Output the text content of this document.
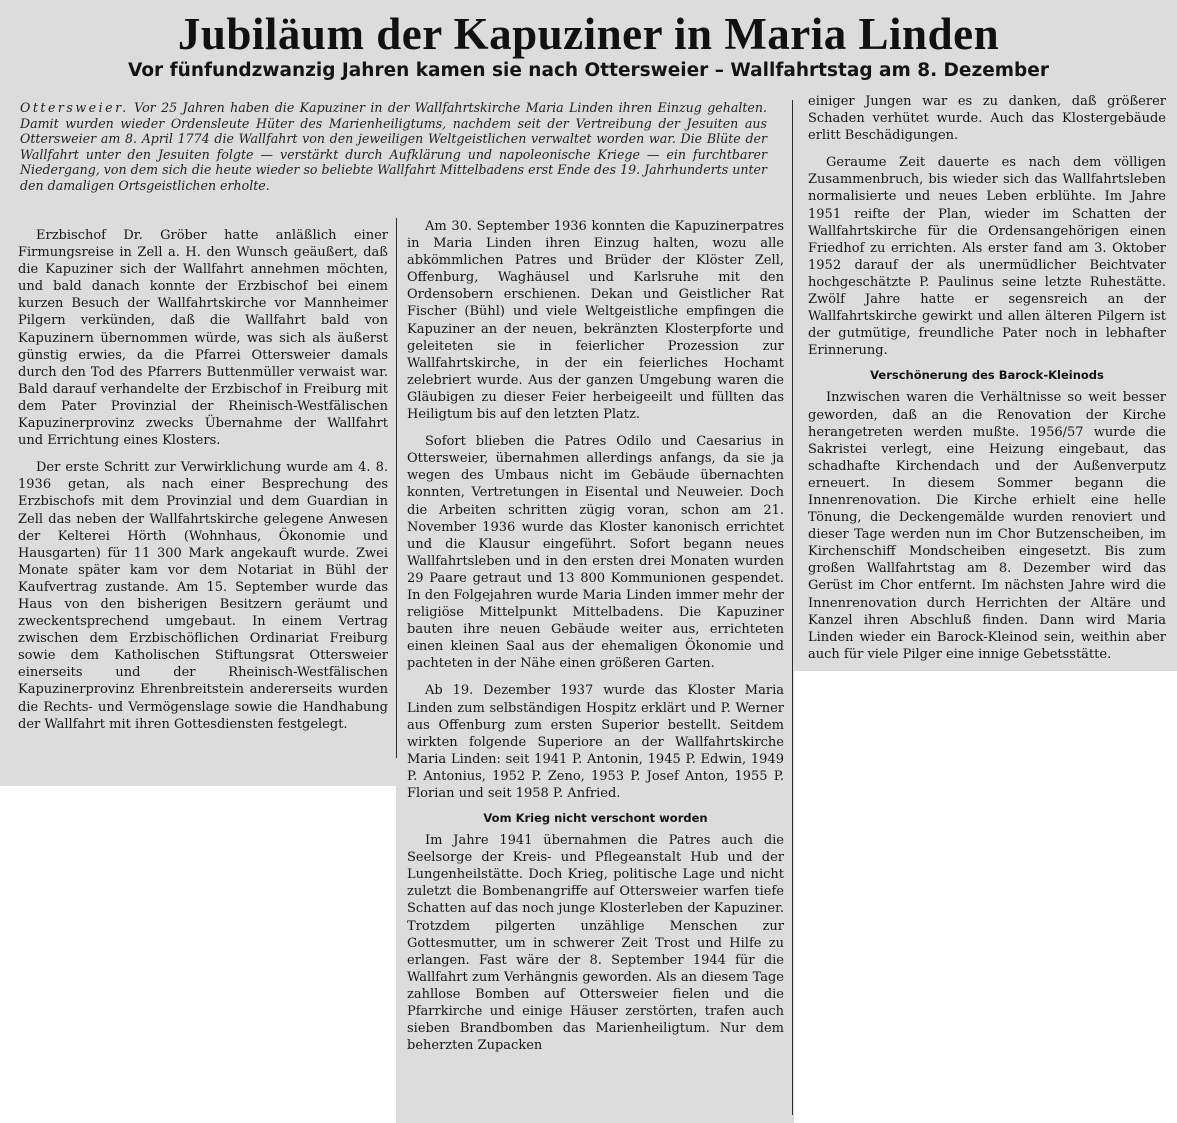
Jubiläum der Kapuziner in Maria Linden
Vor fünfundzwanzig Jahren kamen sie nach Ottersweier – Wallfahrtstag am 8. Dezember
Ottersweier. Vor 25 Jahren haben die Kapuziner in der Wallfahrtskirche Maria Linden ihren Einzug gehalten. Damit wurden wieder Ordensleute Hüter des Marienheiligtums, nachdem seit der Vertreibung der Jesuiten aus Ottersweier am 8. April 1774 die Wallfahrt von den jeweiligen Weltgeistlichen verwaltet worden war. Die Blüte der Wallfahrt unter den Jesuiten folgte — verstärkt durch Aufklärung und napoleonische Kriege — ein furchtbarer Niedergang, von dem sich die heute wieder so beliebte Wallfahrt Mittelbadens erst Ende des 19. Jahrhunderts unter den damaligen Ortsgeistlichen erholte.

Erzbischof Dr. Gröber hatte anläßlich einer Firmungsreise in Zell a. H. den Wunsch geäußert, daß die Kapuziner sich der Wallfahrt annehmen möchten, und bald danach konnte der Erzbischof bei einem kurzen Besuch der Wallfahrtskirche vor Mannheimer Pilgern verkünden, daß die Wallfahrt bald von Kapuzinern übernommen würde, was sich als äußerst günstig erwies, da die Pfarrei Ottersweier damals durch den Tod des Pfarrers Buttenmüller verwaist war. Bald darauf verhandelte der Erzbischof in Freiburg mit dem Pater Provinzial der Rheinisch-Westfälischen Kapuzinerprovinz zwecks Übernahme der Wallfahrt und Errichtung eines Klosters.

Der erste Schritt zur Verwirklichung wurde am 4. 8. 1936 getan, als nach einer Besprechung des Erzbischofs mit dem Provinzial und dem Guardian in Zell das neben der Wallfahrtskirche gelegene Anwesen der Kelterei Hörth (Wohnhaus, Ökonomie und Hausgarten) für 11 300 Mark angekauft wurde. Zwei Monate später kam vor dem Notariat in Bühl der Kaufvertrag zustande. Am 15. September wurde das Haus von den bisherigen Besitzern geräumt und zweckentsprechend umgebaut. In einem Vertrag zwischen dem Erzbischöflichen Ordinariat Freiburg sowie dem Katholischen Stiftungsrat Ottersweier einerseits und der Rheinisch-Westfälischen Kapuzinerprovinz Ehrenbreitstein andererseits wurden die Rechts- und Vermögenslage sowie die Handhabung der Wallfahrt mit ihren Gottesdiensten festgelegt.

Am 30. September 1936 konnten die Kapuzinerpatres in Maria Linden ihren Einzug halten, wozu alle abkömmlichen Patres und Brüder der Klöster Zell, Offenburg, Waghäusel und Karlsruhe mit den Ordensobern erschienen. Dekan und Geistlicher Rat Fischer (Bühl) und viele Weltgeistliche empfingen die Kapuziner an der neuen, bekränzten Klosterpforte und geleiteten sie in feierlicher Prozession zur Wallfahrtskirche, in der ein feierliches Hochamt zelebriert wurde. Aus der ganzen Umgebung waren die Gläubigen zu dieser Feier herbeigeeilt und füllten das Heiligtum bis auf den letzten Platz.

Sofort blieben die Patres Odilo und Caesarius in Ottersweier, übernahmen allerdings anfangs, da sie ja wegen des Umbaus nicht im Gebäude übernachten konnten, Vertretungen in Eisental und Neuweier. Doch die Arbeiten schritten zügig voran, schon am 21. November 1936 wurde das Kloster kanonisch errichtet und die Klausur eingeführt. Sofort begann neues Wallfahrtsleben und in den ersten drei Monaten wurden 29 Paare getraut und 13 800 Kommunionen gespendet. In den Folgejahren wurde Maria Linden immer mehr der religiöse Mittelpunkt Mittelbadens. Die Kapuziner bauten ihre neuen Gebäude weiter aus, errichteten einen kleinen Saal aus der ehemaligen Ökonomie und pachteten in der Nähe einen größeren Garten.

Ab 19. Dezember 1937 wurde das Kloster Maria Linden zum selbständigen Hospitz erklärt und P. Werner aus Offenburg zum ersten Superior bestellt. Seitdem wirkten folgende Superiore an der Wallfahrtskirche Maria Linden: seit 1941 P. Antonin, 1945 P. Edwin, 1949 P. Antonius, 1952 P. Zeno, 1953 P. Josef Anton, 1955 P. Florian und seit 1958 P. Anfried.

Vom Krieg nicht verschont worden

Im Jahre 1941 übernahmen die Patres auch die Seelsorge der Kreis- und Pflegeanstalt Hub und der Lungenheilstätte. Doch Krieg, politische Lage und nicht zuletzt die Bombenangriffe auf Ottersweier warfen tiefe Schatten auf das noch junge Klosterleben der Kapuziner. Trotzdem pilgerten unzählige Menschen zur Gottesmutter, um in schwerer Zeit Trost und Hilfe zu erlangen. Fast wäre der 8. September 1944 für die Wallfahrt zum Verhängnis geworden. Als an diesem Tage zahllose Bomben auf Ottersweier fielen und die Pfarrkirche und einige Häuser zerstörten, trafen auch sieben Brandbomben das Marienheiligtum. Nur dem beherzten Zupacken

einiger Jungen war es zu danken, daß größerer Schaden verhütet wurde. Auch das Klostergebäude erlitt Beschädigungen.

Geraume Zeit dauerte es nach dem völligen Zusammenbruch, bis wieder sich das Wallfahrtsleben normalisierte und neues Leben erblühte. Im Jahre 1951 reifte der Plan, wieder im Schatten der Wallfahrtskirche für die Ordensangehörigen einen Friedhof zu errichten. Als erster fand am 3. Oktober 1952 darauf der als unermüdlicher Beichtvater hochgeschätzte P. Paulinus seine letzte Ruhestätte. Zwölf Jahre hatte er segensreich an der Wallfahrtskirche gewirkt und allen älteren Pilgern ist der gutmütige, freundliche Pater noch in lebhafter Erinnerung.

Verschönerung des Barock-Kleinods

Inzwischen waren die Verhältnisse so weit besser geworden, daß an die Renovation der Kirche herangetreten werden mußte. 1956/57 wurde die Sakristei verlegt, eine Heizung eingebaut, das schadhafte Kirchendach und der Außenverputz erneuert. In diesem Sommer begann die Innenrenovation. Die Kirche erhielt eine helle Tönung, die Deckengemälde wurden renoviert und dieser Tage werden nun im Chor Butzenscheiben, im Kirchenschiff Mondscheiben eingesetzt. Bis zum großen Wallfahrtstag am 8. Dezember wird das Gerüst im Chor entfernt. Im nächsten Jahre wird die Innenrenovation durch Herrichten der Altäre und Kanzel ihren Abschluß finden. Dann wird Maria Linden wieder ein Barock-Kleinod sein, weithin aber auch für viele Pilger eine innige Gebetsstätte.
